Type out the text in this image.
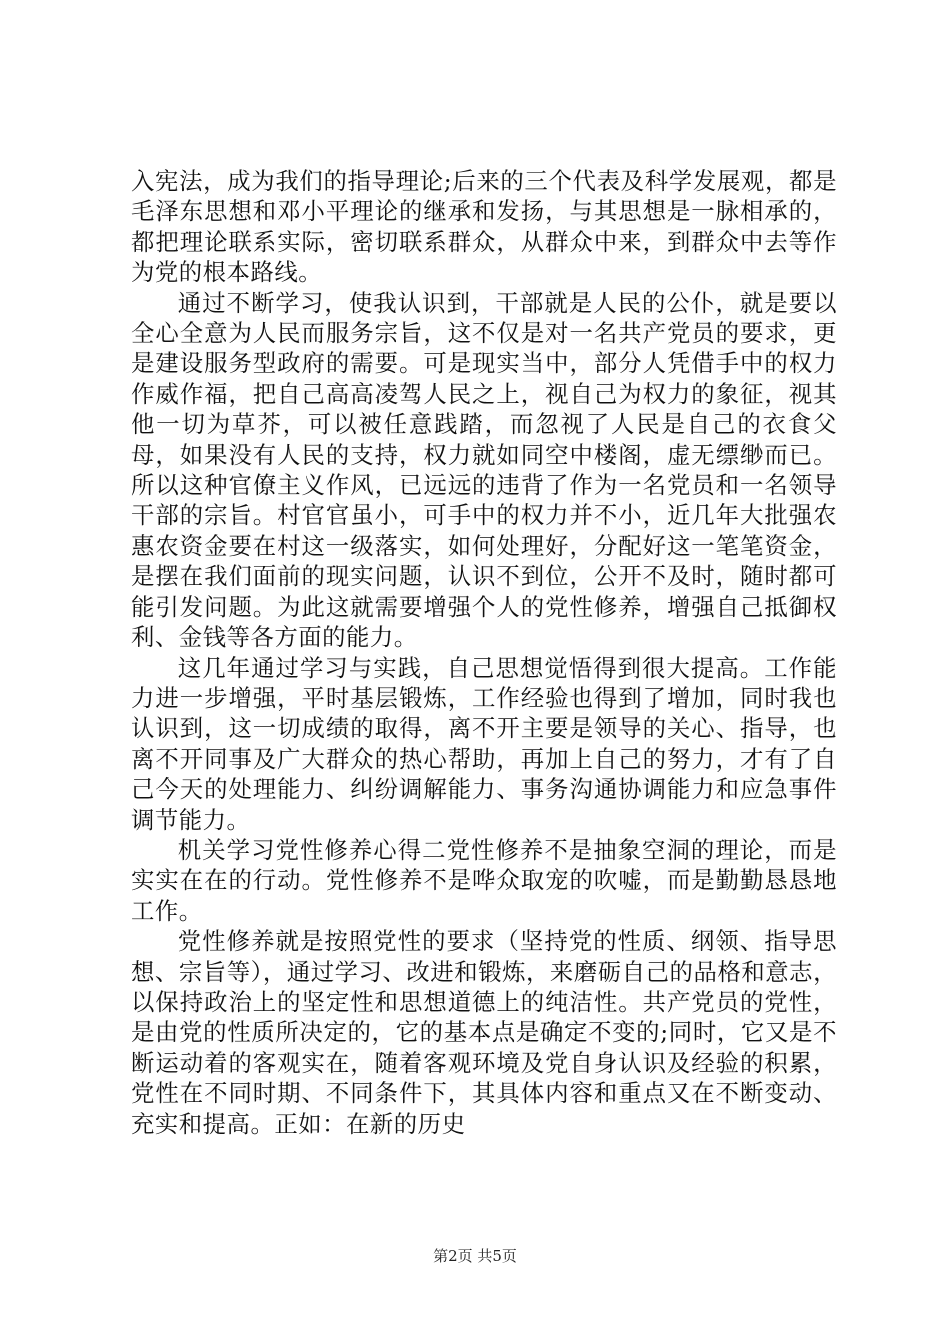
入宪法，成为我们的指导理论;后来的三个代表及科学发展观，都是毛泽东思想和邓小平理论的继承和发扬，与其思想是一脉相承的，都把理论联系实际，密切联系群众，从群众中来，到群众中去等作为党的根本路线。

通过不断学习，使我认识到，干部就是人民的公仆，就是要以全心全意为人民而服务宗旨，这不仅是对一名共产党员的要求，更是建设服务型政府的需要。可是现实当中，部分人凭借手中的权力作威作福，把自己高高凌驾人民之上，视自己为权力的象征，视其他一切为草芥，可以被任意践踏，而忽视了人民是自己的衣食父母，如果没有人民的支持，权力就如同空中楼阁，虚无缥缈而已。所以这种官僚主义作风，已远远的违背了作为一名党员和一名领导干部的宗旨。村官官虽小，可手中的权力并不小，近几年大批强农惠农资金要在村这一级落实，如何处理好，分配好这一笔笔资金，是摆在我们面前的现实问题，认识不到位，公开不及时，随时都可能引发问题。为此这就需要增强个人的党性修养，增强自己抵御权利、金钱等各方面的能力。

这几年通过学习与实践，自己思想觉悟得到很大提高。工作能力进一步增强，平时基层锻炼，工作经验也得到了增加，同时我也认识到，这一切成绩的取得，离不开主要是领导的关心、指导，也离不开同事及广大群众的热心帮助，再加上自己的努力，才有了自己今天的处理能力、纠纷调解能力、事务沟通协调能力和应急事件调节能力。

机关学习党性修养心得二党性修养不是抽象空洞的理论，而是实实在在的行动。党性修养不是哗众取宠的吹嘘，而是勤勤恳恳地工作。

党性修养就是按照党性的要求（坚持党的性质、纲领、指导思想、宗旨等），通过学习、改进和锻炼，来磨砺自己的品格和意志，以保持政治上的坚定性和思想道德上的纯洁性。共产党员的党性，是由党的性质所决定的，它的基本点是确定不变的;同时，它又是不断运动着的客观实在，随着客观环境及党自身认识及经验的积累，党性在不同时期、不同条件下，其具体内容和重点又在不断变动、充实和提高。正如：在新的历史

第2页 共5页
